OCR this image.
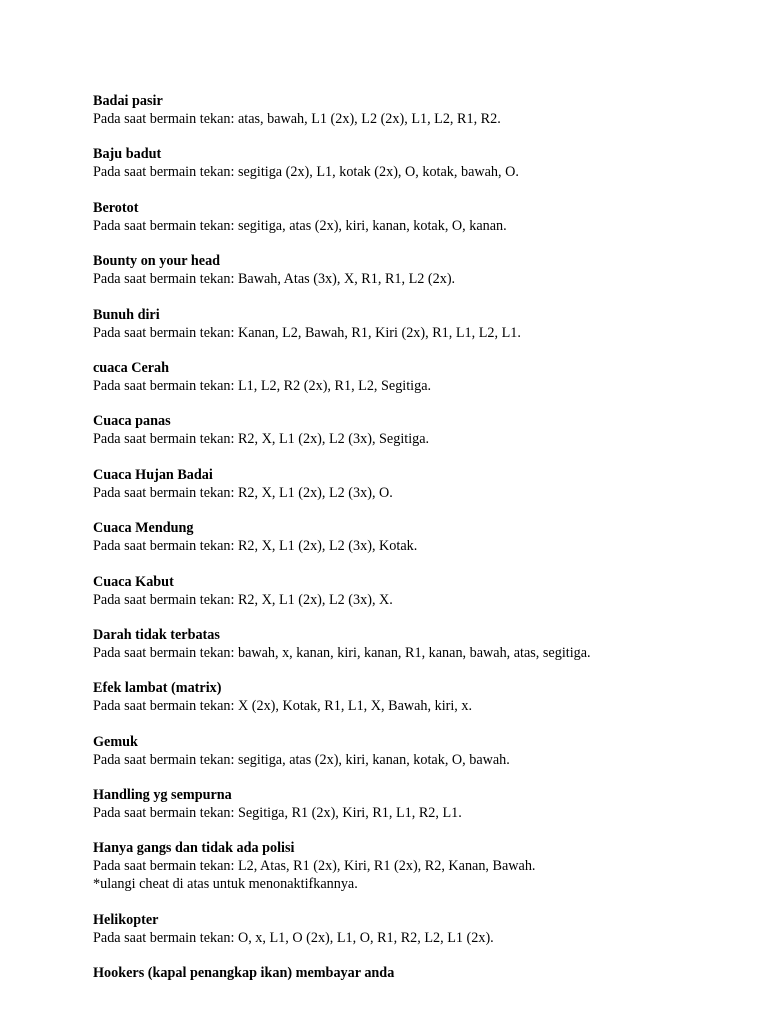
Badai pasir
Pada saat bermain tekan: atas, bawah, L1 (2x), L2 (2x), L1, L2, R1, R2.
Baju badut
Pada saat bermain tekan: segitiga (2x), L1, kotak (2x), O, kotak, bawah, O.
Berotot
Pada saat bermain tekan: segitiga, atas (2x), kiri, kanan, kotak, O, kanan.
Bounty on your head
Pada saat bermain tekan: Bawah, Atas (3x), X, R1, R1, L2 (2x).
Bunuh diri
Pada saat bermain tekan: Kanan, L2, Bawah, R1, Kiri (2x), R1, L1, L2, L1.
cuaca Cerah
Pada saat bermain tekan: L1, L2, R2 (2x), R1, L2, Segitiga.
Cuaca panas
Pada saat bermain tekan: R2, X, L1 (2x), L2 (3x), Segitiga.
Cuaca Hujan Badai
Pada saat bermain tekan: R2, X, L1 (2x), L2 (3x), O.
Cuaca Mendung
Pada saat bermain tekan: R2, X, L1 (2x), L2 (3x), Kotak.
Cuaca Kabut
Pada saat bermain tekan: R2, X, L1 (2x), L2 (3x), X.
Darah tidak terbatas
Pada saat bermain tekan: bawah, x, kanan, kiri, kanan, R1, kanan, bawah, atas, segitiga.
Efek lambat (matrix)
Pada saat bermain tekan: X (2x), Kotak, R1, L1, X, Bawah, kiri, x.
Gemuk
Pada saat bermain tekan: segitiga, atas (2x), kiri, kanan, kotak, O, bawah.
Handling yg sempurna
Pada saat bermain tekan: Segitiga, R1 (2x), Kiri, R1, L1, R2, L1.
Hanya gangs dan tidak ada polisi
Pada saat bermain tekan: L2, Atas, R1 (2x), Kiri, R1 (2x), R2, Kanan, Bawah.
*ulangi cheat di atas untuk menonaktifkannya.
Helikopter
Pada saat bermain tekan: O, x, L1, O (2x), L1, O, R1, R2, L2, L1 (2x).
Hookers (kapal penangkap ikan) membayar anda
